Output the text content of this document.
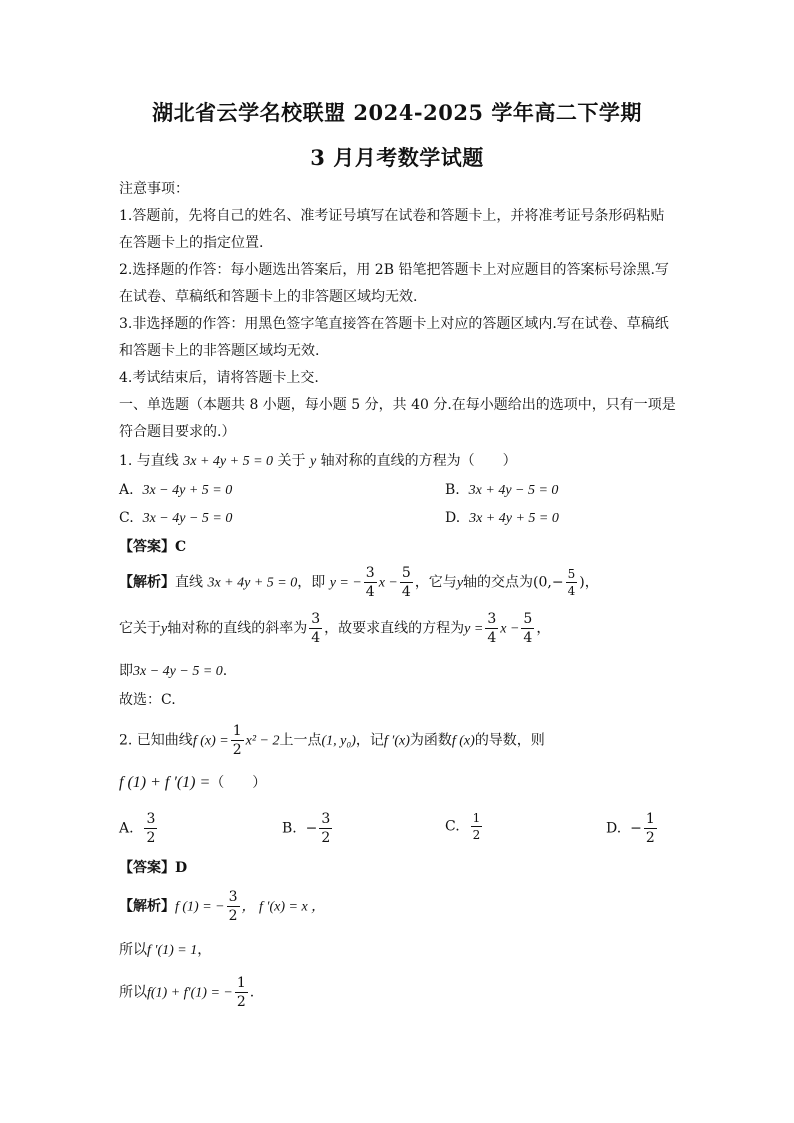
湖北省云学名校联盟 2024-2025 学年高二下学期
3 月月考数学试题
注意事项：
1.答题前，先将自己的姓名、准考证号填写在试卷和答题卡上，并将准考证号条形码粘贴
在答题卡上的指定位置.
2.选择题的作答：每小题选出答案后，用 2B 铅笔把答题卡上对应题目的答案标号涂黑.写
在试卷、草稿纸和答题卡上的非答题区域均无效.
3.非选择题的作答：用黑色签字笔直接答在答题卡上对应的答题区域内.写在试卷、草稿纸
和答题卡上的非答题区域均无效.
4.考试结束后，请将答题卡上交.
一、单选题（本题共 8 小题，每小题 5 分，共 40 分.在每小题给出的选项中，只有一项是
符合题目要求的.）
1. 与直线 3x + 4y + 5 = 0 关于 y 轴对称的直线的方程为（　　）
A. 3x − 4y + 5 = 0	B. 3x + 4y − 5 = 0
C. 3x − 4y − 5 = 0	D. 3x + 4y + 5 = 0
【答案】C
【解析】直线 3x + 4y + 5 = 0，即 y = − $\frac{3}{4}$ $x - \frac{5}{4}$ ，它与y轴的交点为($0,- \frac{5}{4}$ )，
它关于y轴对称的直线的斜率为 $\frac{3}{4}$ ，故要求直线的方程为$y = \frac{3}{4}$ $x - \frac{5}{4}$ ，
即3x − 4y − 5 = 0.
故选：C.
2. 已知曲线f $(x) = \frac{1}{2} x^2 - 2$上一点(1, y₀)，记f ′(x)为函数f (x)的导数，则
f (1) + f ′(1) =（　　）
A. $\frac{3}{2}$	B. − $\frac{3}{2}$	C. $\frac{1}{2}$	D. − $\frac{1}{2}$
【答案】D
【解析】f (1) = − $\frac{3}{2}$ ， f ′(x) = x ，
所以f ′(1) = 1，
所以f(1) + f′(1) = − $\frac{1}{2}$ .
